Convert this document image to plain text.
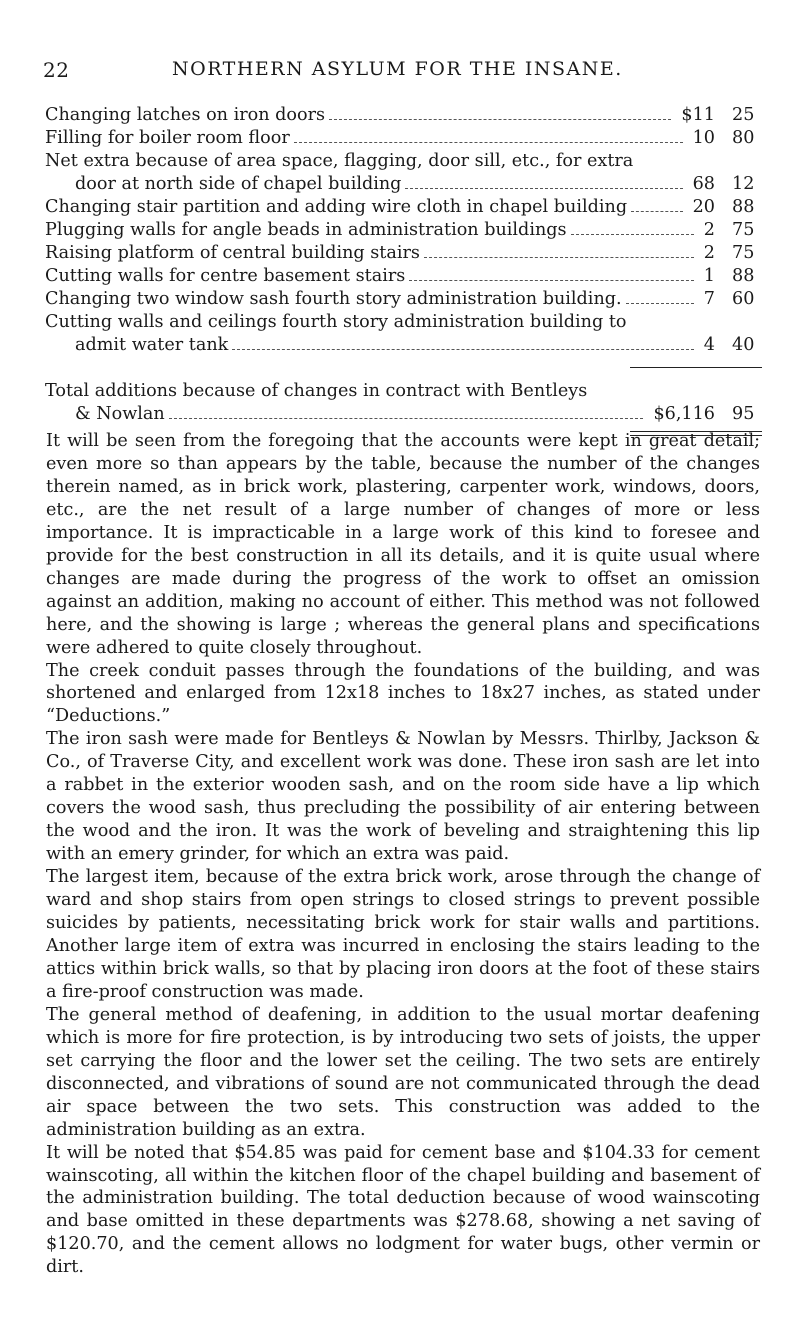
22	NORTHERN ASYLUM FOR THE INSANE.
Changing latches on iron doors	$11 25
Filling for boiler room floor	10 80
Net extra because of area space, flagging, door sill, etc., for extra
door at north side of chapel building	68 12
Changing stair partition and adding wire cloth in chapel building	20 88
Plugging walls for angle beads in administration buildings	2 75
Raising platform of central building stairs	2 75
Cutting walls for centre basement stairs	1 88
Changing two window sash fourth story administration building.	7 60
Cutting walls and ceilings fourth story administration building to
admit water tank	4 40
Total additions because of changes in contract with Bentleys
& Nowlan	$6,116 95

It will be seen from the foregoing that the accounts were kept in great detail; even more so than appears by the table, because the number of the changes therein named, as in brick work, plastering, carpenter work, windows, doors, etc., are the net result of a large number of changes of more or less importance. It is impracticable in a large work of this kind to foresee and provide for the best construction in all its details, and it is quite usual where changes are made during the progress of the work to offset an omission against an addition, making no account of either. This method was not followed here, and the showing is large ; whereas the general plans and specifications were adhered to quite closely throughout.

The creek conduit passes through the foundations of the building, and was shortened and enlarged from 12x18 inches to 18x27 inches, as stated under “Deductions.”

The iron sash were made for Bentleys & Nowlan by Messrs. Thirlby, Jackson & Co., of Traverse City, and excellent work was done. These iron sash are let into a rabbet in the exterior wooden sash, and on the room side have a lip which covers the wood sash, thus precluding the possibility of air entering between the wood and the iron. It was the work of beveling and straightening this lip with an emery grinder, for which an extra was paid.

The largest item, because of the extra brick work, arose through the change of ward and shop stairs from open strings to closed strings to prevent possible suicides by patients, necessitating brick work for stair walls and partitions. Another large item of extra was incurred in enclosing the stairs leading to the attics within brick walls, so that by placing iron doors at the foot of these stairs a fire-proof construction was made.

The general method of deafening, in addition to the usual mortar deafening which is more for fire protection, is by introducing two sets of joists, the upper set carrying the floor and the lower set the ceiling. The two sets are entirely disconnected, and vibrations of sound are not communicated through the dead air space between the two sets. This construction was added to the administration building as an extra.

It will be noted that $54.85 was paid for cement base and $104.33 for cement wainscoting, all within the kitchen floor of the chapel building and basement of the administration building. The total deduction because of wood wainscoting and base omitted in these departments was $278.68, showing a net saving of $120.70, and the cement allows no lodgment for water bugs, other vermin or dirt.
